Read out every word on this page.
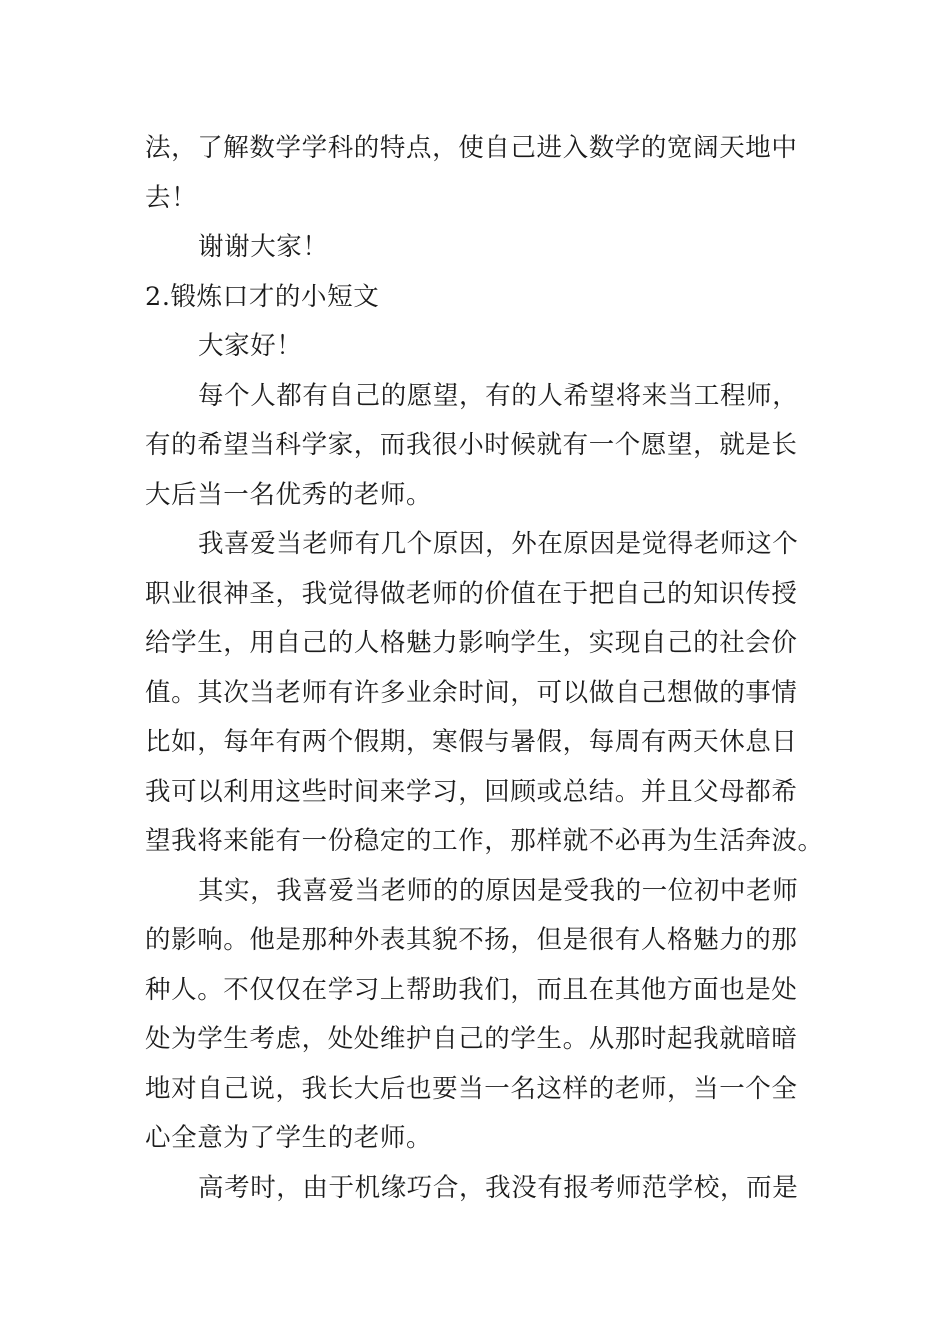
法，了解数学学科的特点，使自己进入数学的宽阔天地中
去！
谢谢大家！
2.锻炼口才的小短文
大家好！
每个人都有自己的愿望，有的人希望将来当工程师，
有的希望当科学家，而我很小时候就有一个愿望，就是长
大后当一名优秀的老师。
我喜爱当老师有几个原因，外在原因是觉得老师这个
职业很神圣，我觉得做老师的价值在于把自己的知识传授
给学生，用自己的人格魅力影响学生，实现自己的社会价
值。其次当老师有许多业余时间，可以做自己想做的事情
比如，每年有两个假期，寒假与暑假，每周有两天休息日
我可以利用这些时间来学习，回顾或总结。并且父母都希
望我将来能有一份稳定的工作，那样就不必再为生活奔波。
其实，我喜爱当老师的的原因是受我的一位初中老师
的影响。他是那种外表其貌不扬，但是很有人格魅力的那
种人。不仅仅在学习上帮助我们，而且在其他方面也是处
处为学生考虑，处处维护自己的学生。从那时起我就暗暗
地对自己说，我长大后也要当一名这样的老师，当一个全
心全意为了学生的老师。
高考时，由于机缘巧合，我没有报考师范学校，而是
